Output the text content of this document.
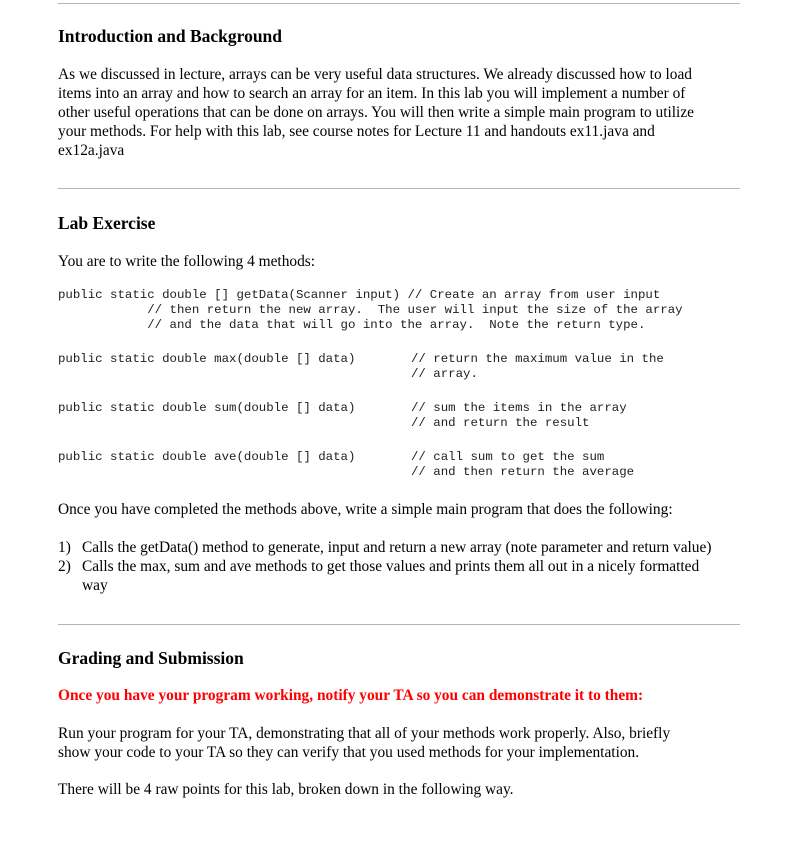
Introduction and Background
As we discussed in lecture, arrays can be very useful data structures. We already discussed how to load
items into an array and how to search an array for an item. In this lab you will implement a number of
other useful operations that can be done on arrays. You will then write a simple main program to utilize
your methods. For help with this lab, see course notes for Lecture 11 and handouts ex11.java and
ex12a.java
Lab Exercise
You are to write the following 4 methods:
public static double [] getData(Scanner input) // Create an array from user input
// then return the new array.  The user will input the size of the array
// and the data that will go into the array.  Note the return type.
public static double max(double [] data)	// return the maximum value in the
// array.
public static double sum(double [] data)	// sum the items in the array
// and return the result
public static double ave(double [] data)	// call sum to get the sum
// and then return the average
Once you have completed the methods above, write a simple main program that does the following:
1) Calls the getData() method to generate, input and return a new array (note parameter and return value)
2) Calls the max, sum and ave methods to get those values and prints them all out in a nicely formatted
way
Grading and Submission
Once you have your program working, notify your TA so you can demonstrate it to them:
Run your program for your TA, demonstrating that all of your methods work properly. Also, briefly
show your code to your TA so they can verify that you used methods for your implementation.
There will be 4 raw points for this lab, broken down in the following way.
